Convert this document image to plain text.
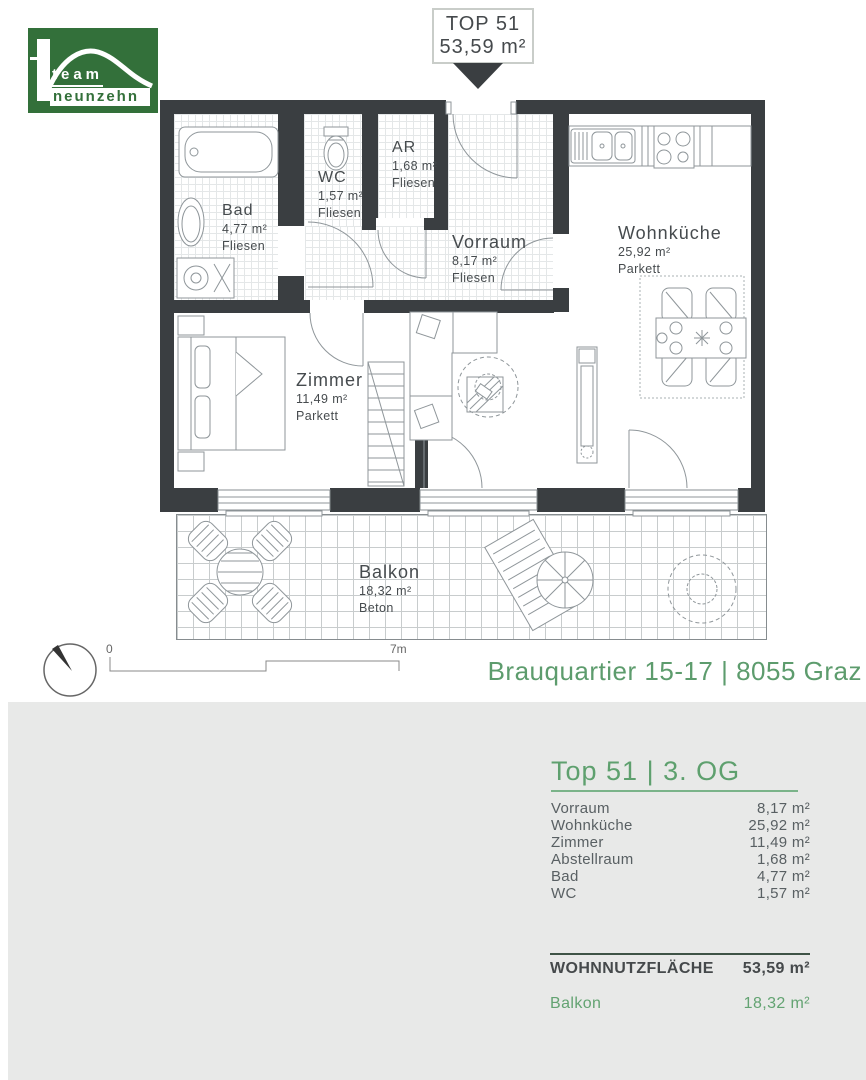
team
neunzehn
TOP 51
53,59 m²
Bad
4,77 m²
Fliesen
WC
1,57 m²
Fliesen
AR
1,68 m²
Fliesen
Vorraum
8,17 m²
Fliesen
Wohnküche
25,92 m²
Parkett
Zimmer
11,49 m²
Parkett
Balkon
18,32 m²
Beton
0	7m
Brauquartier 15-17 | 8055 Graz
Top 51 | 3. OG
Vorraum	8,17 m²
Wohnküche	25,92 m²
Zimmer	11,49 m²
Abstellraum	1,68 m²
Bad	4,77 m²
WC	1,57 m²
WOHNNUTZFLÄCHE 53,59 m²
Balkon	18,32 m²
